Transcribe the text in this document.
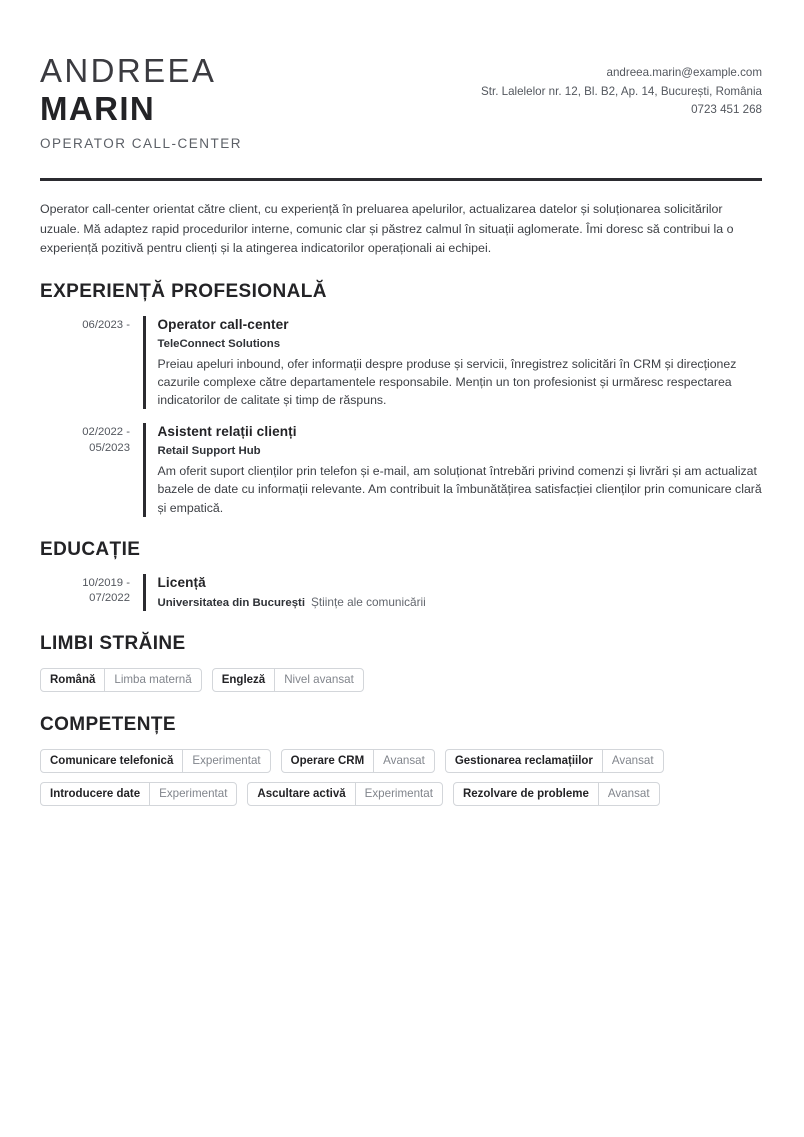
ANDREEA
MARIN
OPERATOR CALL-CENTER
andreea.marin@example.com
Str. Lalelelor nr. 12, Bl. B2, Ap. 14, București, România
0723 451 268
Operator call-center orientat către client, cu experiență în preluarea apelurilor, actualizarea datelor și soluționarea solicitărilor uzuale. Mă adaptez rapid procedurilor interne, comunic clar și păstrez calmul în situații aglomerate. Îmi doresc să contribui la o experiență pozitivă pentru clienți și la atingerea indicatorilor operaționali ai echipei.
EXPERIENȚĂ PROFESIONALĂ
06/2023 -	Operator call-center
TeleConnect Solutions
Preiau apeluri inbound, ofer informații despre produse și servicii, înregistrez solicitări în CRM și direcționez cazurile complexe către departamentele responsabile. Mențin un ton profesionist și urmăresc respectarea indicatorilor de calitate și timp de răspuns.
02/2022 -
05/2023
Asistent relații clienți
Retail Support Hub
Am oferit suport clienților prin telefon și e-mail, am soluționat întrebări privind comenzi și livrări și am actualizat bazele de date cu informații relevante. Am contribuit la îmbunătățirea satisfacției clienților prin comunicare clară și empatică.
EDUCAȚIE
10/2019 -
07/2022
Licență
Universitatea din București Științe ale comunicării
LIMBI STRĂINE
Română	Limba maternă	Engleză	Nivel avansat
COMPETENȚE
Comunicare telefonică	Experimentat	Operare CRM	Avansat	Gestionarea reclamațiilor	Avansat
Introducere date	Experimentat	Ascultare activă	Experimentat	Rezolvare de probleme	Avansat
